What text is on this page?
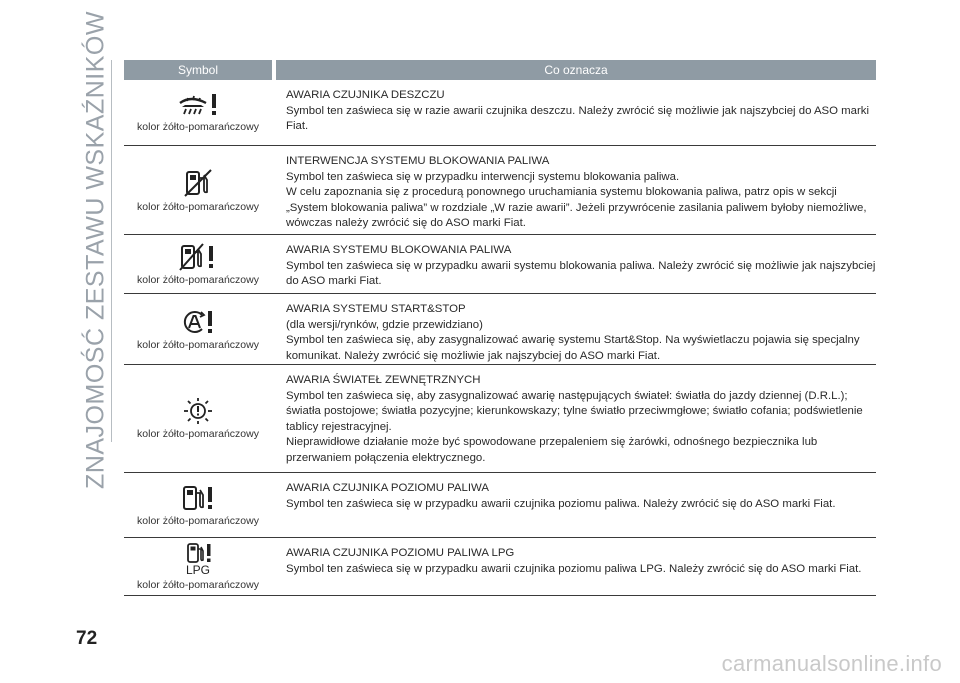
ZNAJOMOŚĆ ZESTAWU WSKAŹNIKÓW	Symbol	Co oznacza
kolor żółto-pomarańczowy

AWARIA CZUJNIKA DESZCZU

Symbol ten zaświeca się w razie awarii czujnika deszczu. Należy zwrócić się możliwie jak najszybciej do ASO marki Fiat.

kolor żółto-pomarańczowy

INTERWENCJA SYSTEMU BLOKOWANIA PALIWA

Symbol ten zaświeca się w przypadku interwencji systemu blokowania paliwa.

W celu zapoznania się z procedurą ponownego uruchamiania systemu blokowania paliwa, patrz opis w sekcji „System blokowania paliwa” w rozdziale „W razie awarii”. Jeżeli przywrócenie zasilania paliwem byłoby niemożliwe, wówczas należy zwrócić się do ASO marki Fiat.

kolor żółto-pomarańczowy

AWARIA SYSTEMU BLOKOWANIA PALIWA

Symbol ten zaświeca się w przypadku awarii systemu blokowania paliwa. Należy zwrócić się możliwie jak najszybciej do ASO marki Fiat.

kolor żółto-pomarańczowy

AWARIA SYSTEMU START&STOP

(dla wersji/rynków, gdzie przewidziano)

Symbol ten zaświeca się, aby zasygnalizować awarię systemu Start&Stop. Na wyświetlaczu pojawia się specjalny komunikat. Należy zwrócić się możliwie jak najszybciej do ASO marki Fiat.

kolor żółto-pomarańczowy

AWARIA ŚWIATEŁ ZEWNĘTRZNYCH

Symbol ten zaświeca się, aby zasygnalizować awarię następujących świateł: światła do jazdy dziennej (D.R.L.); światła postojowe; światła pozycyjne; kierunkowskazy; tylne światło przeciwmgłowe; światło cofania; podświetlenie tablicy rejestracyjnej.

Nieprawidłowe działanie może być spowodowane przepaleniem się żarówki, odnośnego bezpiecznika lub przerwaniem połączenia elektrycznego.

kolor żółto-pomarańczowy

AWARIA CZUJNIKA POZIOMU PALIWA

Symbol ten zaświeca się w przypadku awarii czujnika poziomu paliwa. Należy zwrócić się do ASO marki Fiat.

LPG
kolor żółto-pomarańczowy

AWARIA CZUJNIKA POZIOMU PALIWA LPG

Symbol ten zaświeca się w przypadku awarii czujnika poziomu paliwa LPG. Należy zwrócić się do ASO marki Fiat.

72
carmanualsonline.info
